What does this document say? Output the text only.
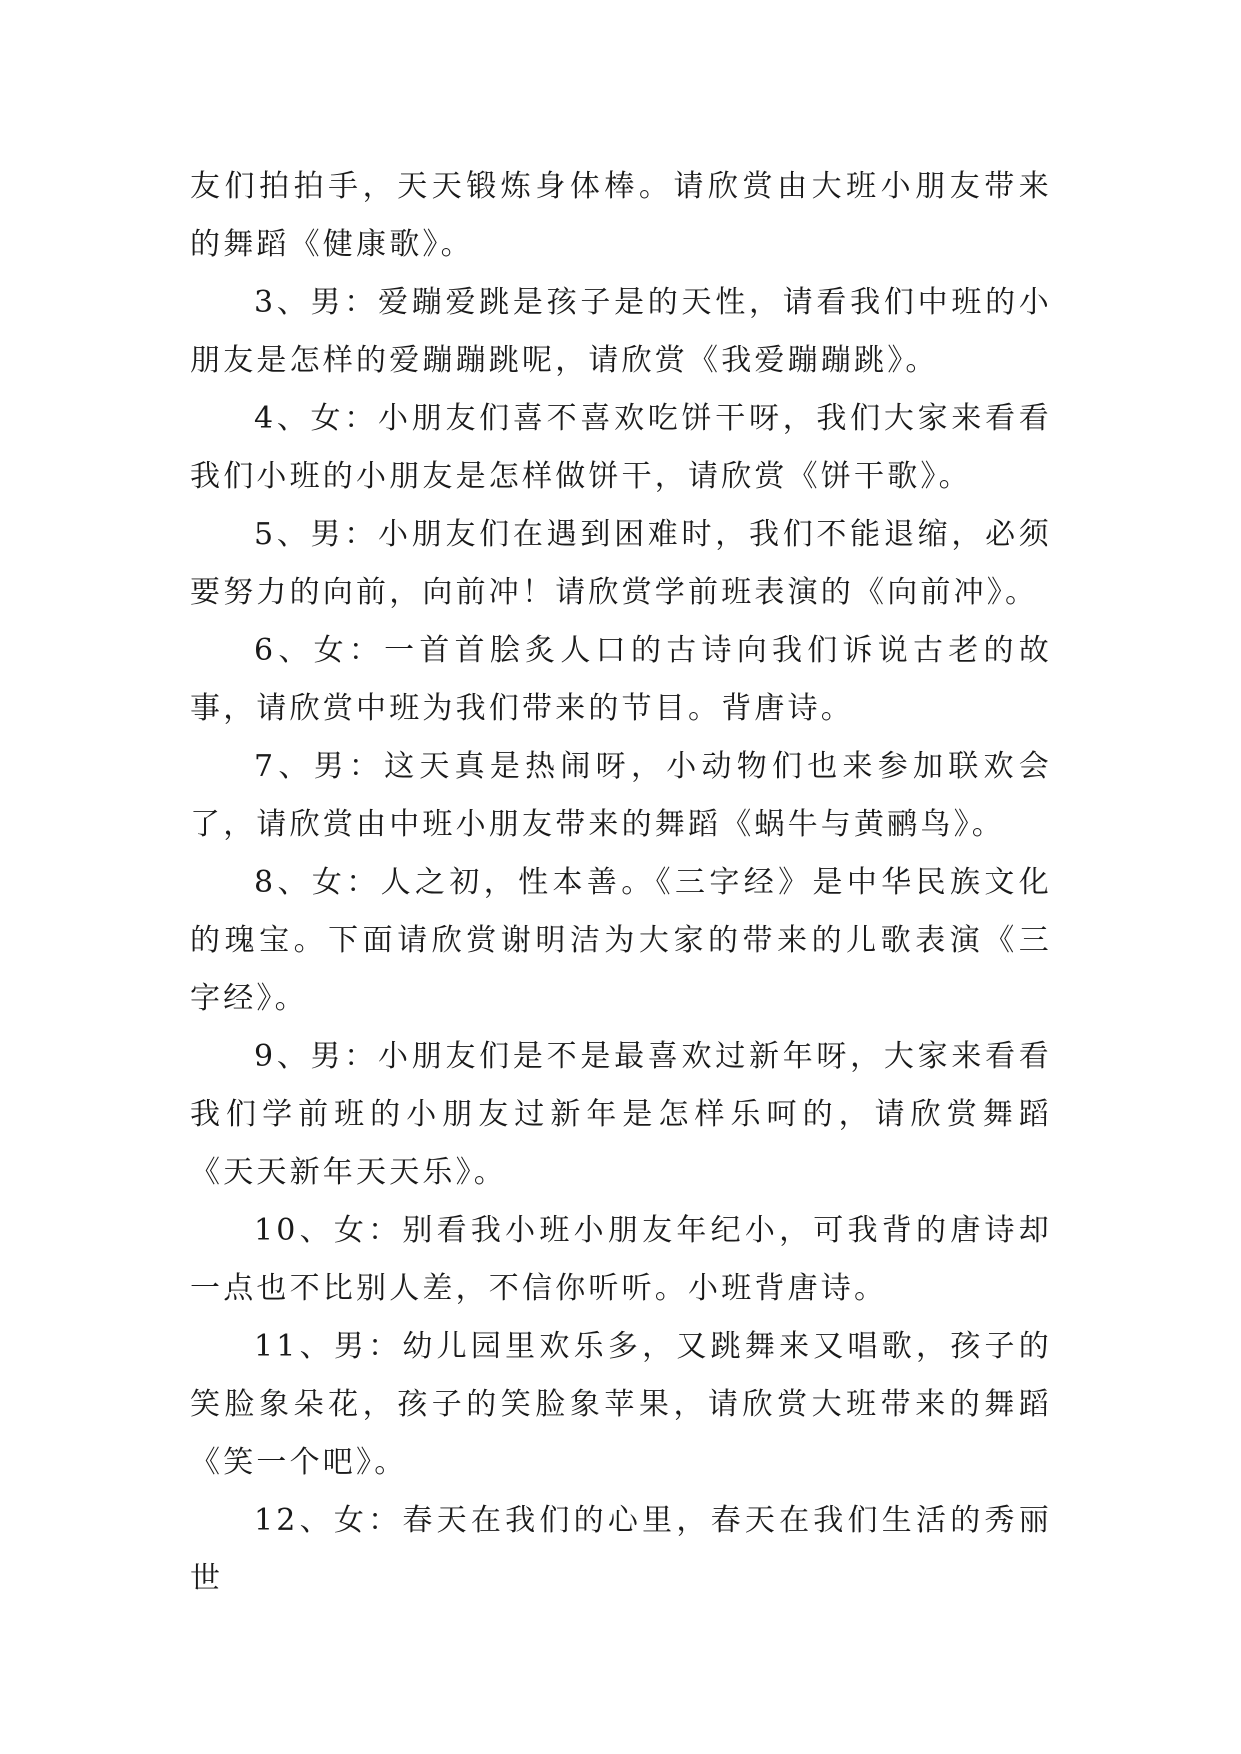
友们拍拍手，天天锻炼身体棒。请欣赏由大班小朋友带来的舞蹈《健康歌》。

3、男：爱蹦爱跳是孩子是的天性，请看我们中班的小朋友是怎样的爱蹦蹦跳呢，请欣赏《我爱蹦蹦跳》。

4、女：小朋友们喜不喜欢吃饼干呀，我们大家来看看我们小班的小朋友是怎样做饼干，请欣赏《饼干歌》。

5、男：小朋友们在遇到困难时，我们不能退缩，必须要努力的向前，向前冲！请欣赏学前班表演的《向前冲》。

6、女：一首首脍炙人口的古诗向我们诉说古老的故事，请欣赏中班为我们带来的节目。背唐诗。

7、男：这天真是热闹呀，小动物们也来参加联欢会了，请欣赏由中班小朋友带来的舞蹈《蜗牛与黄鹂鸟》。

8、女：人之初，性本善。《三字经》是中华民族文化的瑰宝。下面请欣赏谢明洁为大家的带来的儿歌表演《三字经》。

9、男：小朋友们是不是最喜欢过新年呀，大家来看看我们学前班的小朋友过新年是怎样乐呵的，请欣赏舞蹈《天天新年天天乐》。

10、女：别看我小班小朋友年纪小，可我背的唐诗却一点也不比别人差，不信你听听。小班背唐诗。

11、男：幼儿园里欢乐多，又跳舞来又唱歌，孩子的笑脸象朵花，孩子的笑脸象苹果，请欣赏大班带来的舞蹈《笑一个吧》。

12、女：春天在我们的心里，春天在我们生活的秀丽世
